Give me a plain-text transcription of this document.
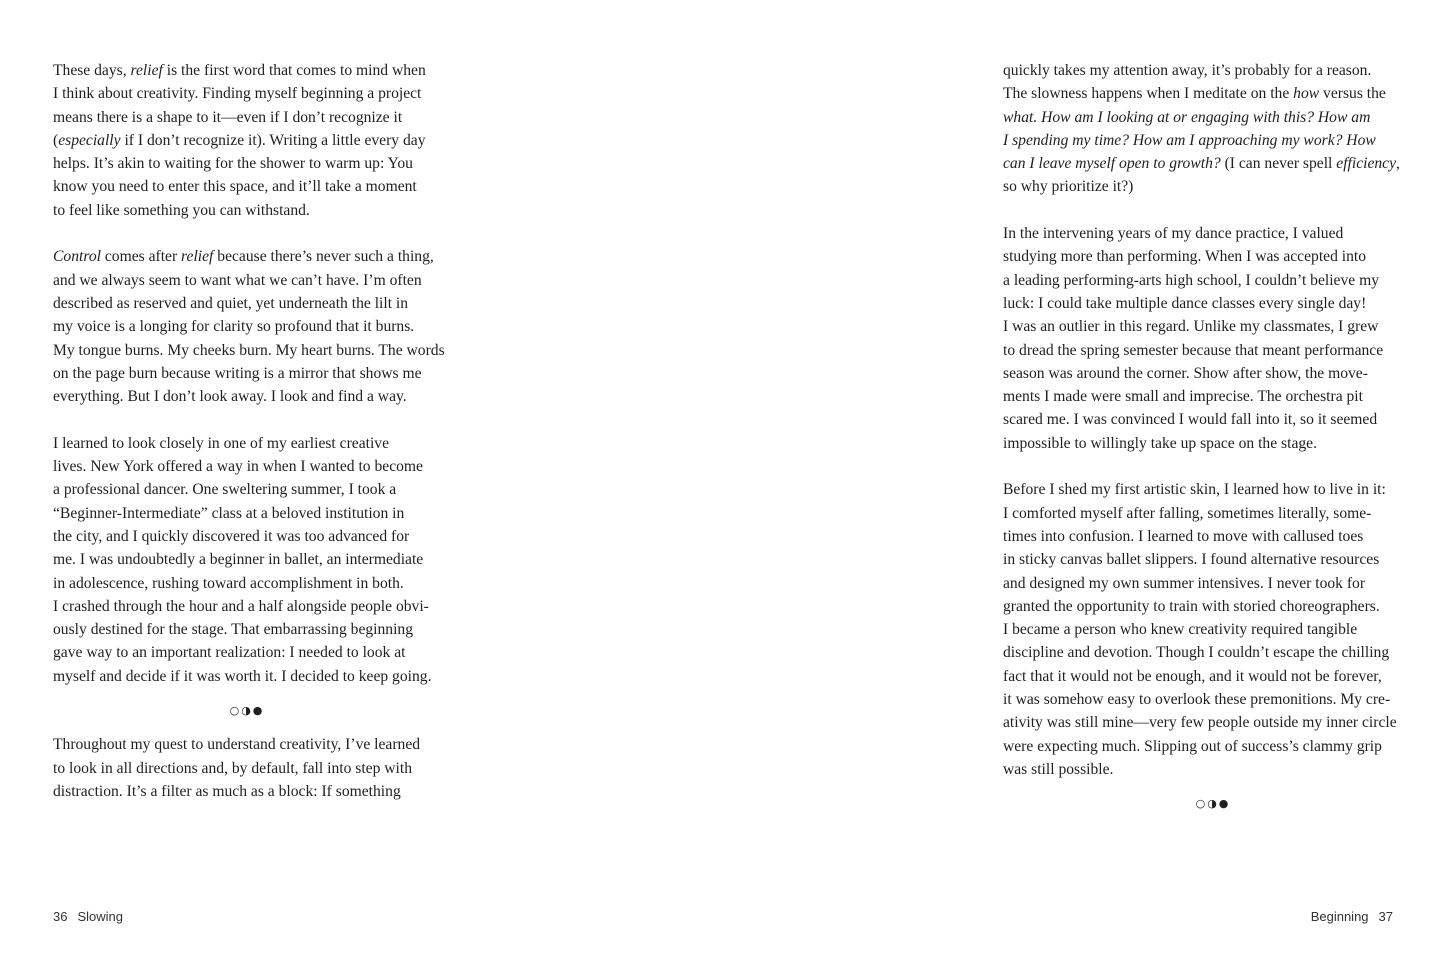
These days, relief is the first word that comes to mind when
I think about creativity. Finding myself beginning a project
means there is a shape to it—even if I don’t recognize it
(especially if I don’t recognize it). Writing a little every day
helps. It’s akin to waiting for the shower to warm up: You
know you need to enter this space, and it’ll take a moment
to feel like something you can withstand.
Control comes after relief because there’s never such a thing,
and we always seem to want what we can’t have. I’m often
described as reserved and quiet, yet underneath the lilt in
my voice is a longing for clarity so profound that it burns.
My tongue burns. My cheeks burn. My heart burns. The words
on the page burn because writing is a mirror that shows me
everything. But I don’t look away. I look and find a way.
I learned to look closely in one of my earliest creative
lives. New York offered a way in when I wanted to become
a professional dancer. One sweltering summer, I took a
“Beginner-Intermediate” class at a beloved institution in
the city, and I quickly discovered it was too advanced for
me. I was undoubtedly a beginner in ballet, an intermediate
in adolescence, rushing toward accomplishment in both.
I crashed through the hour and a half alongside people obvi-
ously destined for the stage. That embarrassing beginning
gave way to an important realization: I needed to look at
myself and decide if it was worth it. I decided to keep going.
○◑●
Throughout my quest to understand creativity, I’ve learned
to look in all directions and, by default, fall into step with
distraction. It’s a filter as much as a block: If something
36 Slowing
quickly takes my attention away, it’s probably for a reason.
The slowness happens when I meditate on the how versus the
what. How am I looking at or engaging with this? How am
I spending my time? How am I approaching my work? How
can I leave myself open to growth? (I can never spell efficiency,
so why prioritize it?)
In the intervening years of my dance practice, I valued
studying more than performing. When I was accepted into
a leading performing-arts high school, I couldn’t believe my
luck: I could take multiple dance classes every single day!
I was an outlier in this regard. Unlike my classmates, I grew
to dread the spring semester because that meant performance
season was around the corner. Show after show, the move-
ments I made were small and imprecise. The orchestra pit
scared me. I was convinced I would fall into it, so it seemed
impossible to willingly take up space on the stage.
Before I shed my first artistic skin, I learned how to live in it:
I comforted myself after falling, sometimes literally, some-
times into confusion. I learned to move with callused toes
in sticky canvas ballet slippers. I found alternative resources
and designed my own summer intensives. I never took for
granted the opportunity to train with storied choreographers.
I became a person who knew creativity required tangible
discipline and devotion. Though I couldn’t escape the chilling
fact that it would not be enough, and it would not be forever,
it was somehow easy to overlook these premonitions. My cre-
ativity was still mine—very few people outside my inner circle
were expecting much. Slipping out of success’s clammy grip
was still possible.
○◑●
Beginning 37
